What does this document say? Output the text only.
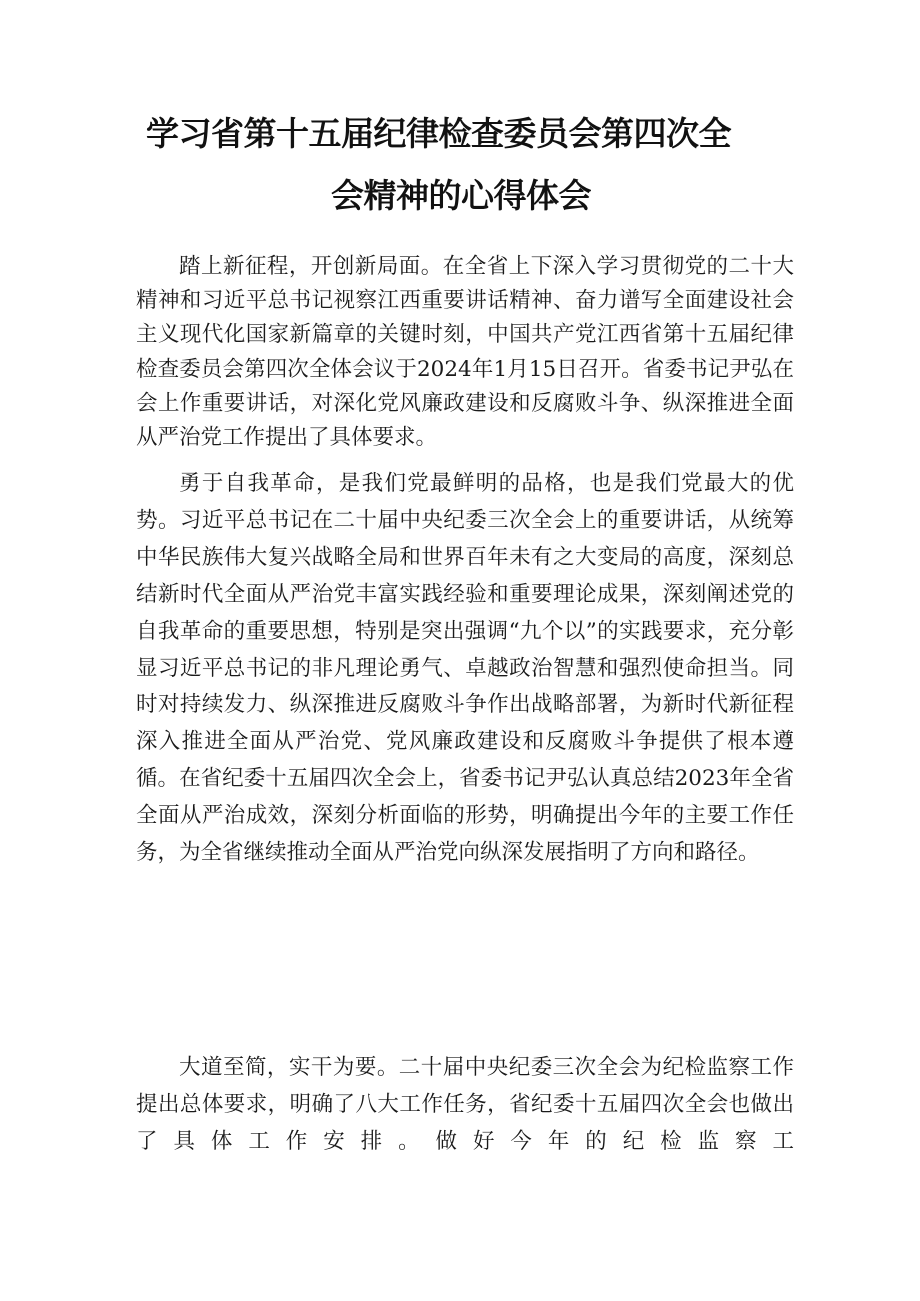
学习省第十五届纪律检查委员会第四次全
会精神的心得体会

踏上新征程，开创新局面。在全省上下深入学习贯彻党的二十大精神和习近平总书记视察江西重要讲话精神、奋力谱写全面建设社会主义现代化国家新篇章的关键时刻，中国共产党江西省第十五届纪律检查委员会第四次全体会议于2024年1月15日召开。省委书记尹弘在会上作重要讲话，对深化党风廉政建设和反腐败斗争、纵深推进全面从严治党工作提出了具体要求。

勇于自我革命，是我们党最鲜明的品格，也是我们党最大的优势。习近平总书记在二十届中央纪委三次全会上的重要讲话，从统筹中华民族伟大复兴战略全局和世界百年未有之大变局的高度，深刻总结新时代全面从严治党丰富实践经验和重要理论成果，深刻阐述党的自我革命的重要思想，特别是突出强调“九个以”的实践要求，充分彰显习近平总书记的非凡理论勇气、卓越政治智慧和强烈使命担当。同时对持续发力、纵深推进反腐败斗争作出战略部署，为新时代新征程深入推进全面从严治党、党风廉政建设和反腐败斗争提供了根本遵循。在省纪委十五届四次全会上，省委书记尹弘认真总结2023年全省全面从严治成效，深刻分析面临的形势，明确提出今年的主要工作任务，为全省继续推动全面从严治党向纵深发展指明了方向和路径。

大道至简，实干为要。二十届中央纪委三次全会为纪检监察工作提出总体要求，明确了八大工作任务，省纪委十五届四次全会也做出了具体工作安排。做好今年的纪检监察工
